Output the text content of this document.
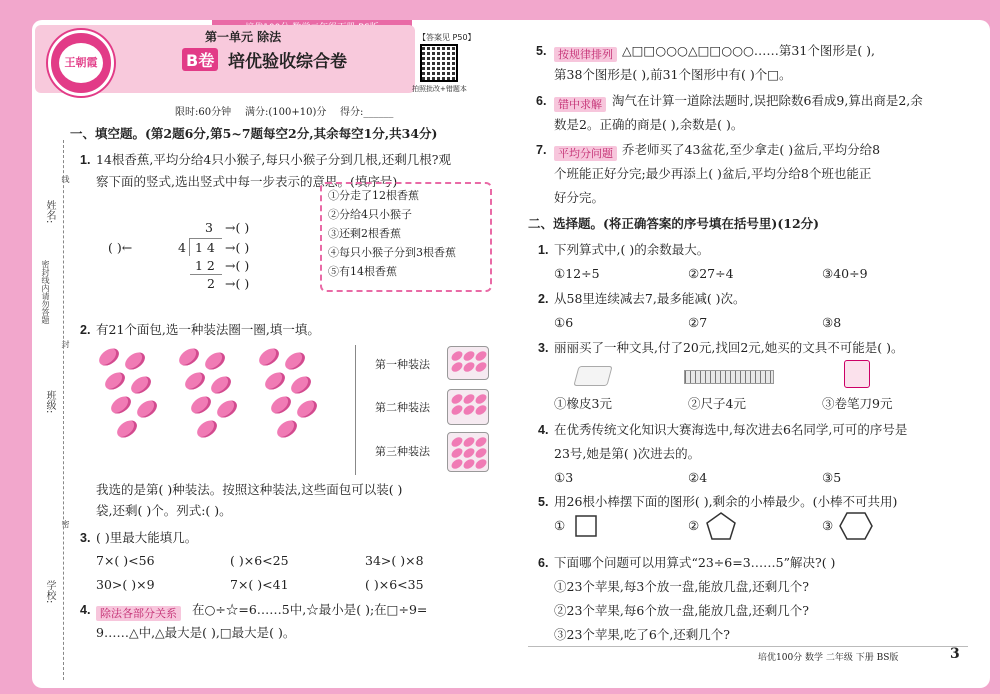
姓名:
班级:
学校:
密封线内请勿答题
线
封
密
王朝霞
第一单元 除法
B卷 培优验收综合卷
【答案见 P50】
拍照批改+错题本
限时:60分钟 满分:(100+10)分 得分:______
一、填空题。(第2题6分,第5~7题每空2分,其余每空1分,共34分)
1. 14根香蕉,平均分给4只小猴子,每只小猴子分到几根,还剩几根?观
察下面的竖式,选出竖式中每一步表示的意思。(填序号)
3 →( )
( )←	4 1 4 →( )
1 2 →( )
2 →( )
①分走了12根香蕉
②分给4只小猴子
③还剩2根香蕉
④每只小猴子分到3根香蕉
⑤有14根香蕉
2. 有21个面包,选一种装法圈一圈,填一填。
第一种装法
第二种装法
第三种装法
我选的是第( )种装法。按照这种装法,这些面包可以装( )
袋,还剩( )个。列式:( )。
3. ( )里最大能填几。
7×( )<56	( )×6<25	34>( )×8
30>( )×9	7×( )<41	( )×6<35
4. 除法各部分关系	在○÷☆=6……5中,☆最小是( );在□÷9=
9……△中,△最大是( ),□最大是( )。
5.	按规律排列 △□□○○○△□□○○○……第31个图形是( ),
第38个图形是( ),前31个图形中有( )个□。
6.	错中求解 淘气在计算一道除法题时,误把除数6看成9,算出商是2,余
数是2。正确的商是( ),余数是( )。
7.	平均分问题 乔老师买了43盆花,至少拿走( )盆后,平均分给8
个班能正好分完;最少再添上( )盆后,平均分给8个班也能正
好分完。
二、选择题。(将正确答案的序号填在括号里)(12分)
1. 下列算式中,( )的余数最大。
①12÷5	②27÷4	③40÷9
2. 从58里连续减去7,最多能减( )次。
①6	②7	③8
3. 丽丽买了一种文具,付了20元,找回2元,她买的文具不可能是( )。
①橡皮3元	②尺子4元	③卷笔刀9元
4. 在优秀传统文化知识大赛海选中,每次进去6名同学,可可的序号是
23号,她是第( )次进去的。
①3	②4	③5
5. 用26根小棒摆下面的图形( ),剩余的小棒最少。(小棒不可共用)
①	②	③
6. 下面哪个问题可以用算式“23÷6=3……5”解决?( )
①23个苹果,每3个放一盘,能放几盘,还剩几个?
②23个苹果,每6个放一盘,能放几盘,还剩几个?
③23个苹果,吃了6个,还剩几个?
培优100分 数学 二年级 下册 BS版	3
